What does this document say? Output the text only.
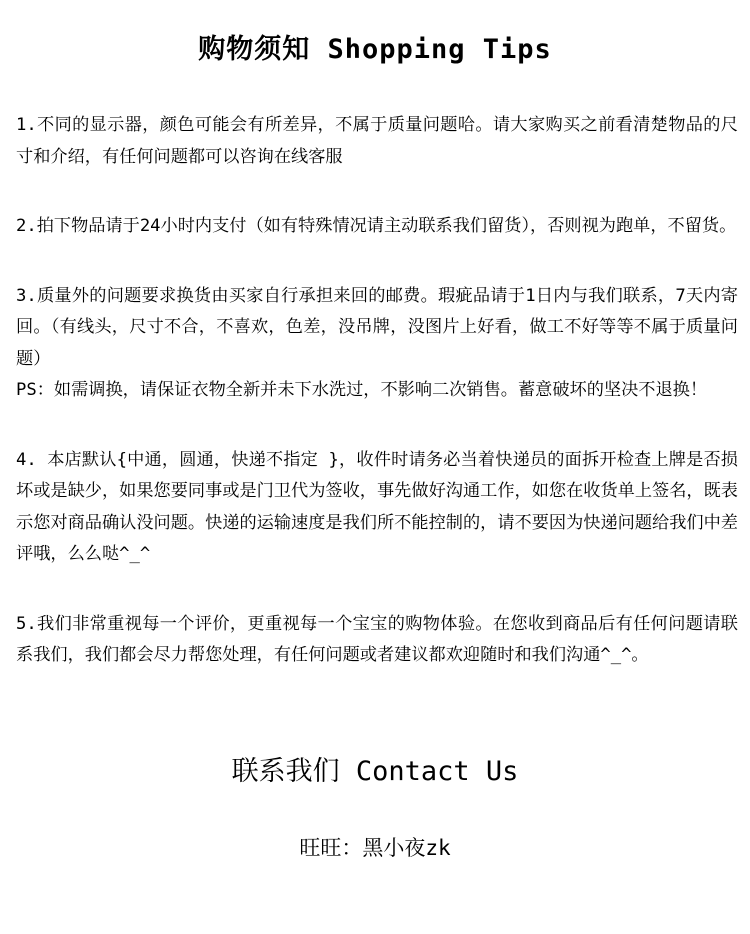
购物须知 Shopping Tips

1.不同的显示器，颜色可能会有所差异，不属于质量问题哈。请大家购买之前看清楚物品的尺寸和介绍，有任何问题都可以咨询在线客服

2.拍下物品请于24小时内支付（如有特殊情况请主动联系我们留货），否则视为跑单，不留货。

3.质量外的问题要求换货由买家自行承担来回的邮费。瑕疵品请于1日内与我们联系，7天内寄回。（有线头，尺寸不合，不喜欢，色差，没吊牌，没图片上好看，做工不好等等不属于质量问题）

PS：如需调换，请保证衣物全新并未下水洗过，不影响二次销售。蓄意破坏的坚决不退换！

4. 本店默认{中通，圆通，快递不指定 }，收件时请务必当着快递员的面拆开检查上牌是否损坏或是缺少，如果您要同事或是门卫代为签收，事先做好沟通工作，如您在收货单上签名，既表示您对商品确认没问题。快递的运输速度是我们所不能控制的，请不要因为快递问题给我们中差评哦，么么哒^_^

5.我们非常重视每一个评价，更重视每一个宝宝的购物体验。在您收到商品后有任何问题请联系我们，我们都会尽力帮您处理，有任何问题或者建议都欢迎随时和我们沟通^_^。

联系我们 Contact Us
旺旺：黑小夜zk
